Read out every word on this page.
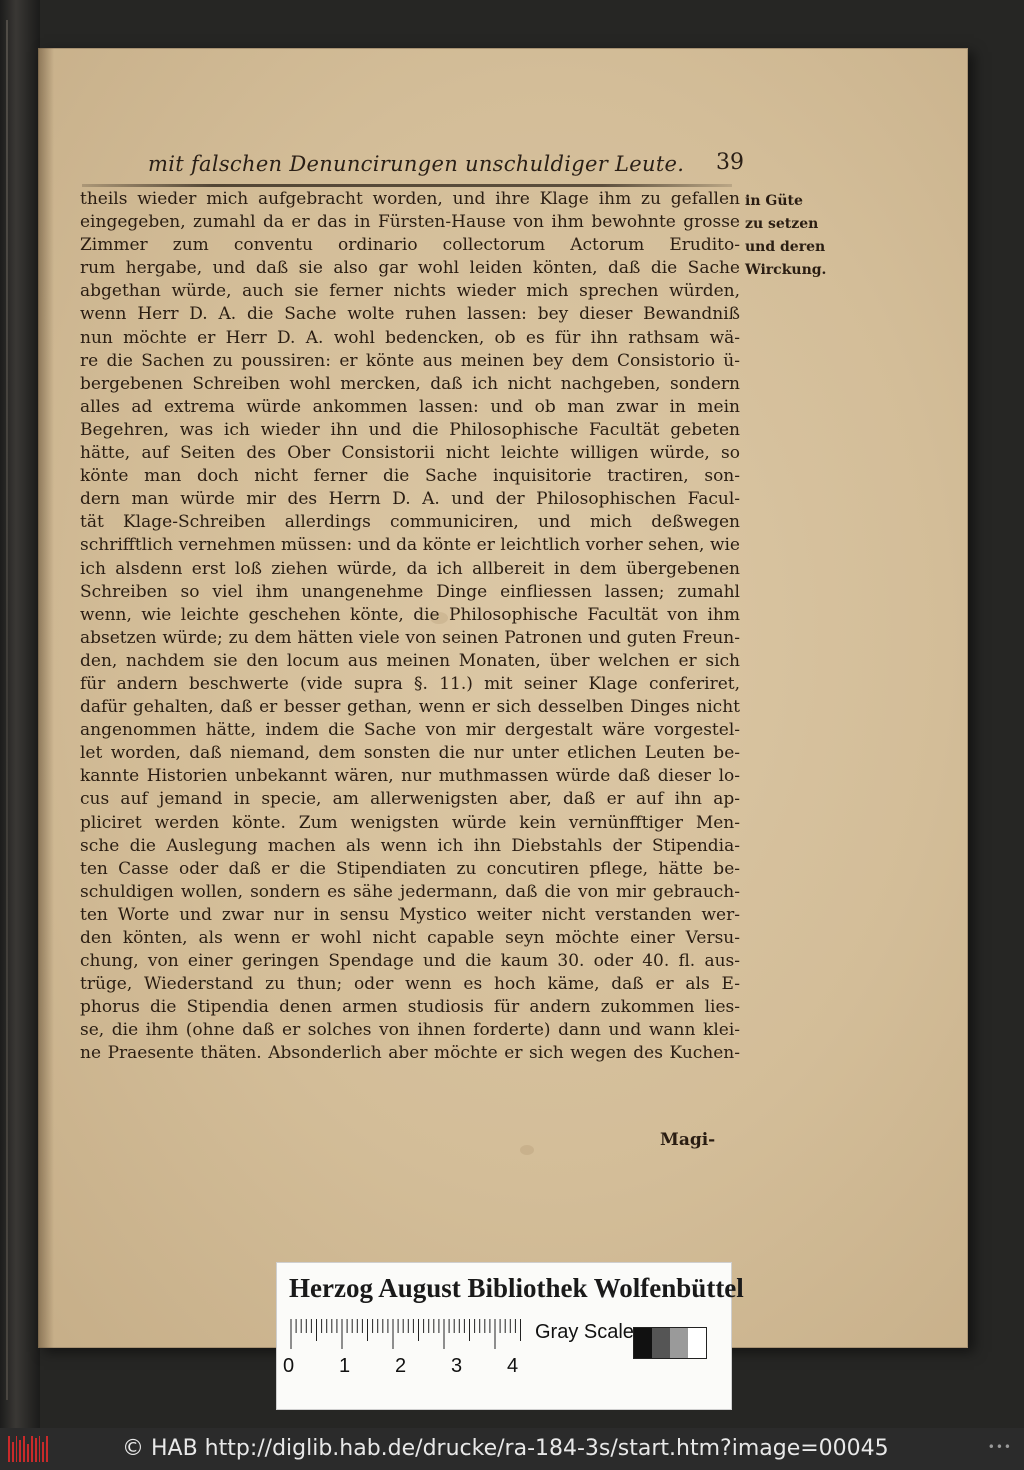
mit falschen Denuncirungen unschuldiger Leute. 39
theils wieder mich aufgebracht worden, und ihre Klage ihm zu gefallen
eingegeben, zumahl da er das in Fürsten-Hause von ihm bewohnte grosse
Zimmer zum conventu ordinario collectorum Actorum Erudito-
rum hergabe, und daß sie also gar wohl leiden könten, daß die Sache
abgethan würde, auch sie ferner nichts wieder mich sprechen würden,
wenn Herr D. A. die Sache wolte ruhen lassen: bey dieser Bewandniß
nun möchte er Herr D. A. wohl bedencken, ob es für ihn rathsam wä-
re die Sachen zu poussiren: er könte aus meinen bey dem Consistorio ü-
bergebenen Schreiben wohl mercken, daß ich nicht nachgeben, sondern
alles ad extrema würde ankommen lassen: und ob man zwar in mein
Begehren, was ich wieder ihn und die Philosophische Facultät gebeten
hätte, auf Seiten des Ober Consistorii nicht leichte willigen würde, so
könte man doch nicht ferner die Sache inquisitorie tractiren, son-
dern man würde mir des Herrn D. A. und der Philosophischen Facul-
tät Klage-Schreiben allerdings communiciren, und mich deßwegen
schrifftlich vernehmen müssen: und da könte er leichtlich vorher sehen, wie
ich alsdenn erst loß ziehen würde, da ich allbereit in dem übergebenen
Schreiben so viel ihm unangenehme Dinge einfliessen lassen; zumahl
wenn, wie leichte geschehen könte, die Philosophische Facultät von ihm
absetzen würde; zu dem hätten viele von seinen Patronen und guten Freun-
den, nachdem sie den locum aus meinen Monaten, über welchen er sich
für andern beschwerte (vide supra §. 11.) mit seiner Klage conferiret,
dafür gehalten, daß er besser gethan, wenn er sich desselben Dinges nicht
angenommen hätte, indem die Sache von mir dergestalt wäre vorgestel-
let worden, daß niemand, dem sonsten die nur unter etlichen Leuten be-
kannte Historien unbekannt wären, nur muthmassen würde daß dieser lo-
cus auf jemand in specie, am allerwenigsten aber, daß er auf ihn ap-
pliciret werden könte. Zum wenigsten würde kein vernünfftiger Men-
sche die Auslegung machen als wenn ich ihn Diebstahls der Stipendia-
ten Casse oder daß er die Stipendiaten zu concutiren pflege, hätte be-
schuldigen wollen, sondern es sähe jedermann, daß die von mir gebrauch-
ten Worte und zwar nur in sensu Mystico weiter nicht verstanden wer-
den könten, als wenn er wohl nicht capable seyn möchte einer Versu-
chung, von einer geringen Spendage und die kaum 30. oder 40. fl. aus-
trüge, Wiederstand zu thun; oder wenn es hoch käme, daß er als E-
phorus die Stipendia denen armen studiosis für andern zukommen lies-
se, die ihm (ohne daß er solches von ihnen forderte) dann und wann klei-
ne Praesente thäten. Absonderlich aber möchte er sich wegen des Kuchen-
in Güte
zu setzen
und deren
Wirckung.
Magi-
Herzog August Bibliothek Wolfenbüttel
0 1 2 3 4
Gray Scale
© HAB http://diglib.hab.de/drucke/ra-184-3s/start.htm?image=00045	•••
